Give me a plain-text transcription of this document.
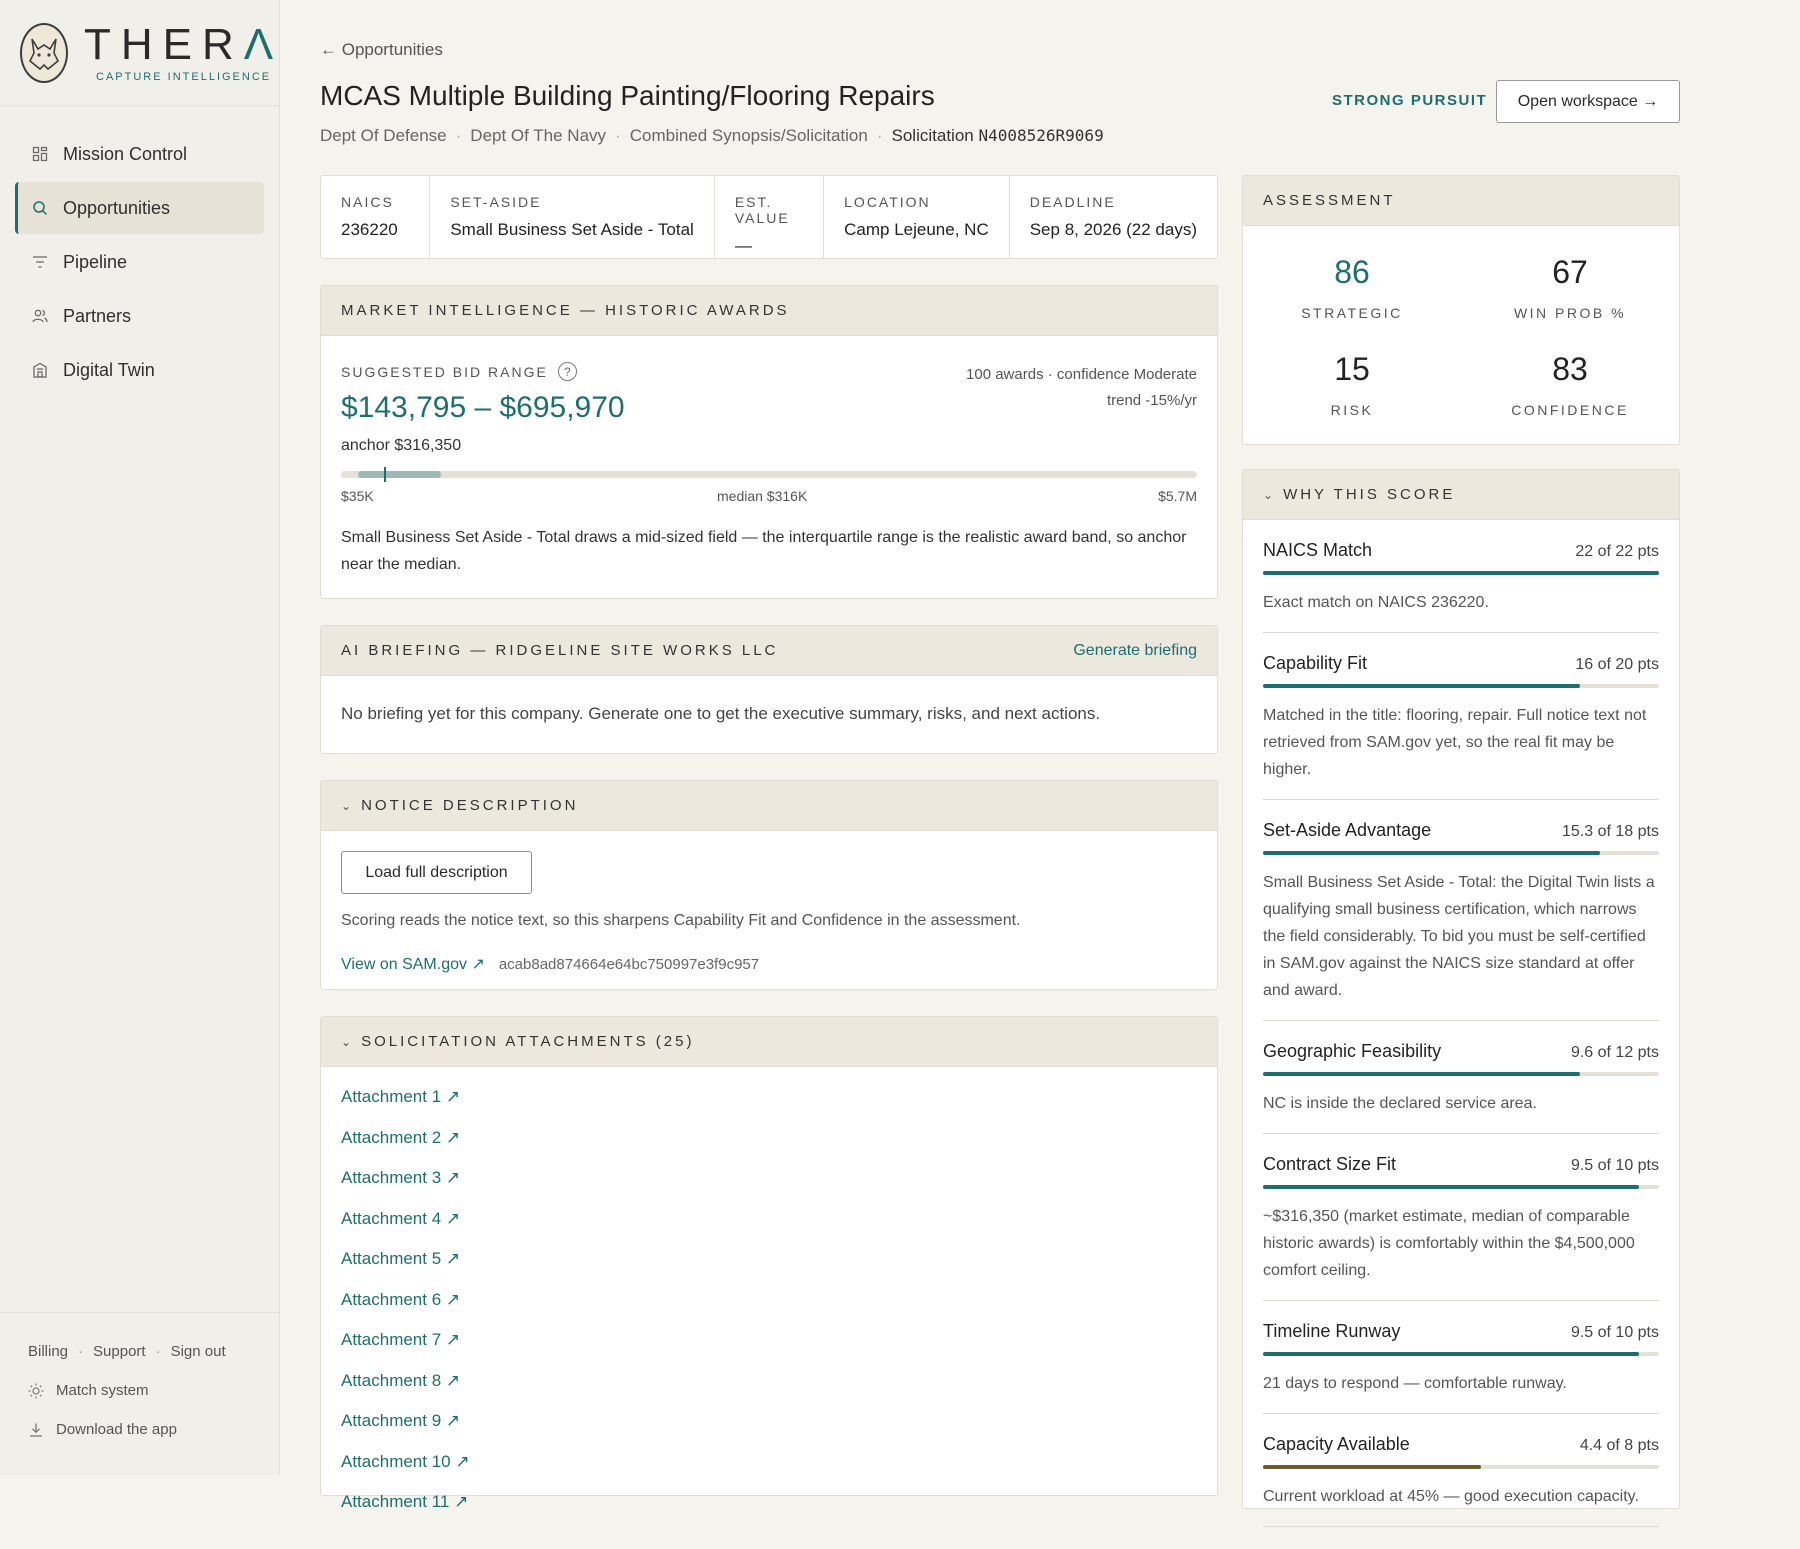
THERΛ
CAPTURE INTELLIGENCE
Mission Control
Opportunities
Pipeline
Partners
Digital Twin
Billing · Support · Sign out
Match system
Download the app
← Opportunities
MCAS Multiple Building Painting/Flooring Repairs
Dept Of Defense · Dept Of The Navy · Combined Synopsis/Solicitation · Solicitation N4008526R9069
STRONG PURSUIT	Open workspace →
NAICS
236220
SET-ASIDE
Small Business Set Aside - Total
EST. VALUE
—
LOCATION
Camp Lejeune, NC
DEADLINE
Sep 8, 2026 (22 days)
MARKET INTELLIGENCE — HISTORIC AWARDS
SUGGESTED BID RANGE	?
$143,795 – $695,970
anchor $316,350
100 awards · confidence Moderate
trend -15%/yr
$35K	median $316K	$5.7M
Small Business Set Aside - Total draws a mid-sized field — the interquartile range is the realistic award band, so anchor near the median.
AI BRIEFING — RIDGELINE SITE WORKS LLC	Generate briefing
No briefing yet for this company. Generate one to get the executive summary, risks, and next actions.
⌄ NOTICE DESCRIPTION
Load full description
Scoring reads the notice text, so this sharpens Capability Fit and Confidence in the assessment.
View on SAM.gov ↗ acab8ad874664e64bc750997e3f9c957
⌄ SOLICITATION ATTACHMENTS (25)
Attachment 1 ↗
Attachment 2 ↗
Attachment 3 ↗
Attachment 4 ↗
Attachment 5 ↗
Attachment 6 ↗
Attachment 7 ↗
Attachment 8 ↗
Attachment 9 ↗
Attachment 10 ↗
Attachment 11 ↗
ASSESSMENT
86
STRATEGIC
67
WIN PROB %
15
RISK
83
CONFIDENCE
⌄ WHY THIS SCORE
NAICS Match	22 of 22 pts
Exact match on NAICS 236220.
Capability Fit	16 of 20 pts
Matched in the title: flooring, repair. Full notice text not retrieved from SAM.gov yet, so the real fit may be higher.
Set-Aside Advantage	15.3 of 18 pts
Small Business Set Aside - Total: the Digital Twin lists a qualifying small business certification, which narrows the field considerably. To bid you must be self-certified in SAM.gov against the NAICS size standard at offer and award.
Geographic Feasibility	9.6 of 12 pts
NC is inside the declared service area.
Contract Size Fit	9.5 of 10 pts
~$316,350 (market estimate, median of comparable historic awards) is comfortably within the $4,500,000 comfort ceiling.
Timeline Runway	9.5 of 10 pts
21 days to respond — comfortable runway.
Capacity Available	4.4 of 8 pts
Current workload at 45% — good execution capacity.
